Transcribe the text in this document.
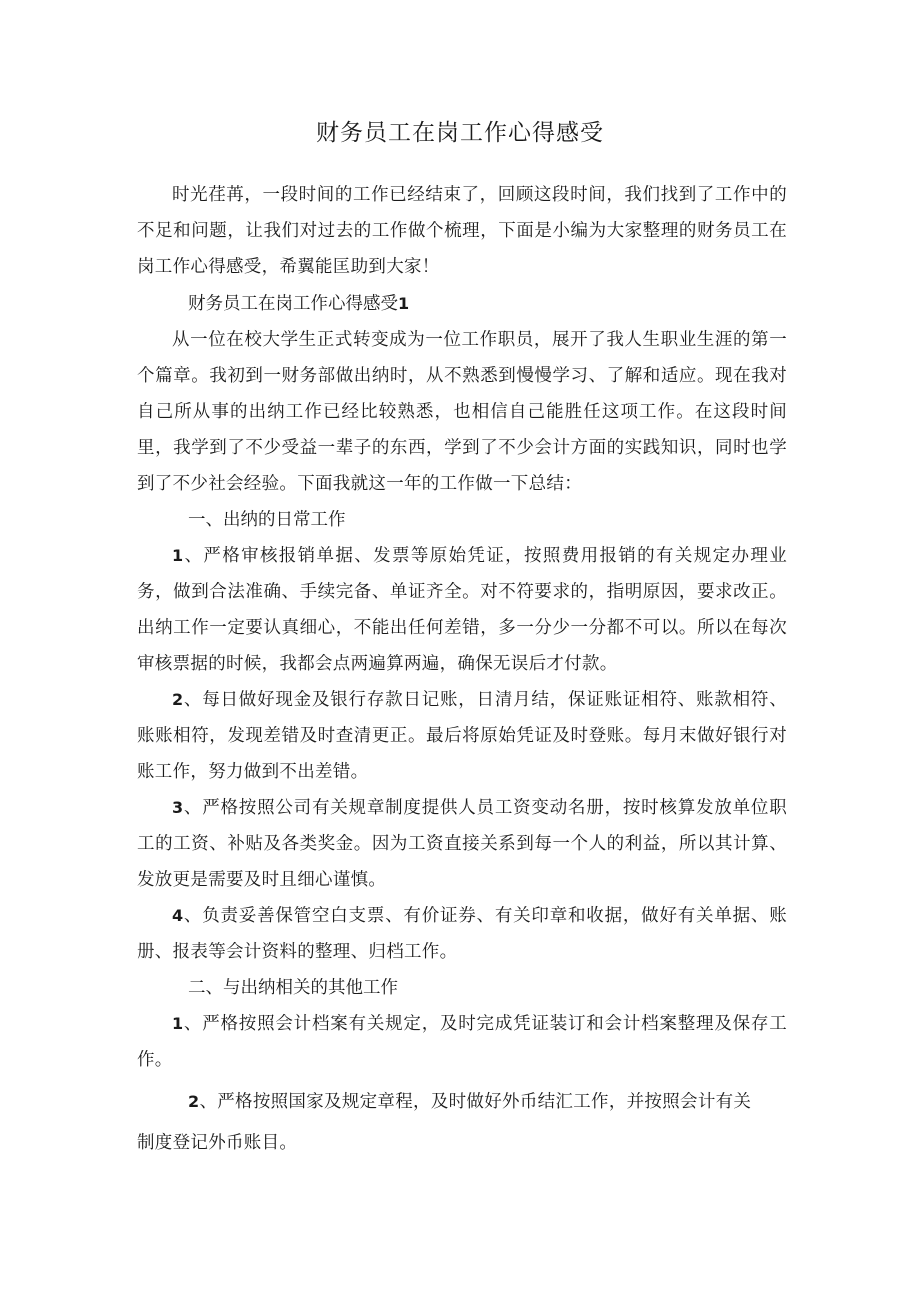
财务员工在岗工作心得感受

时光荏苒，一段时间的工作已经结束了，回顾这段时间，我们找到了工作中的不足和问题，让我们对过去的工作做个梳理，下面是小编为大家整理的财务员工在岗工作心得感受，希翼能匡助到大家！

财务员工在岗工作心得感受1

从一位在校大学生正式转变成为一位工作职员，展开了我人生职业生涯的第一个篇章。我初到一财务部做出纳时，从不熟悉到慢慢学习、了解和适应。现在我对自己所从事的出纳工作已经比较熟悉，也相信自己能胜任这项工作。在这段时间里，我学到了不少受益一辈子的东西，学到了不少会计方面的实践知识，同时也学到了不少社会经验。下面我就这一年的工作做一下总结：

一、出纳的日常工作

1、严格审核报销单据、发票等原始凭证，按照费用报销的有关规定办理业务，做到合法准确、手续完备、单证齐全。对不符要求的，指明原因，要求改正。出纳工作一定要认真细心，不能出任何差错，多一分少一分都不可以。所以在每次审核票据的时候，我都会点两遍算两遍，确保无误后才付款。

2、每日做好现金及银行存款日记账，日清月结，保证账证相符、账款相符、账账相符，发现差错及时查清更正。最后将原始凭证及时登账。每月末做好银行对账工作，努力做到不出差错。

3、严格按照公司有关规章制度提供人员工资变动名册，按时核算发放单位职工的工资、补贴及各类奖金。因为工资直接关系到每一个人的利益，所以其计算、发放更是需要及时且细心谨慎。

4、负责妥善保管空白支票、有价证券、有关印章和收据，做好有关单据、账册、报表等会计资料的整理、归档工作。

二、与出纳相关的其他工作

1、严格按照会计档案有关规定，及时完成凭证装订和会计档案整理及保存工作。

2、严格按照国家及规定章程，及时做好外币结汇工作，并按照会计有关

制度登记外币账目。
